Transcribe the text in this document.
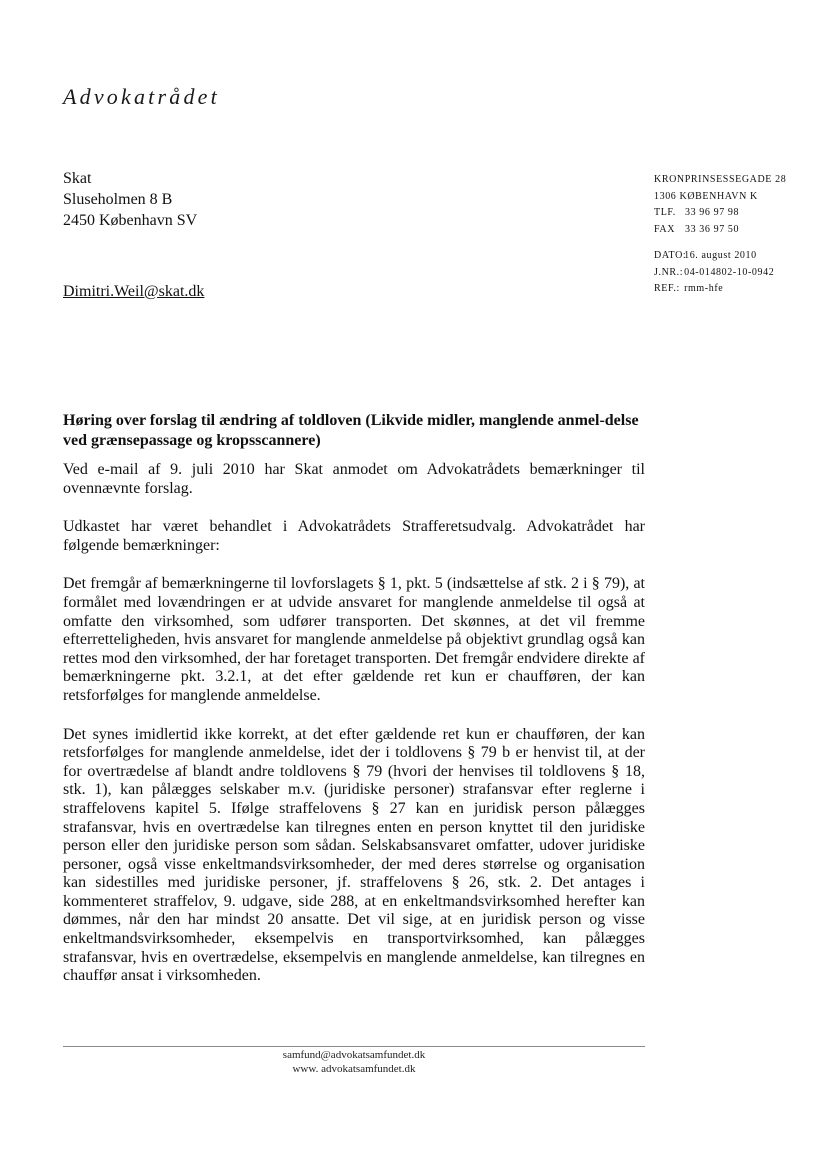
Advokatrådet
Skat
Sluseholmen 8 B
2450 København SV
Dimitri.Weil@skat.dk
KRONPRINSESSEGADE 28
1306 KØBENHAVN K
TLF. 33 96 97 98
FAX 33 36 97 50
DATO:

16. august 2010
J.NR.:
04-014802-10-0942
REF.:
rmm-hfe
Høring over forslag til ændring af toldloven (Likvide midler, manglende anmel-delse ved grænsepassage og kropsscannere)

Ved e-mail af 9. juli 2010 har Skat anmodet om Advokatrådets bemærkninger til ovennævnte forslag.

Udkastet har været behandlet i Advokatrådets Strafferetsudvalg. Advokatrådet har følgende bemærkninger:

Det fremgår af bemærkningerne til lovforslagets § 1, pkt. 5 (indsættelse af stk. 2 i § 79), at formålet med lovændringen er at udvide ansvaret for manglende anmeldelse til også at omfatte den virksomhed, som udfører transporten. Det skønnes, at det vil fremme efterretteligheden, hvis ansvaret for manglende anmeldelse på objektivt grundlag også kan rettes mod den virksomhed, der har foretaget transporten. Det fremgår endvidere direkte af bemærkningerne pkt. 3.2.1, at det efter gældende ret kun er chaufføren, der kan retsforfølges for manglende anmeldelse.

Det synes imidlertid ikke korrekt, at det efter gældende ret kun er chaufføren, der kan retsforfølges for manglende anmeldelse, idet der i toldlovens § 79 b er henvist til, at der for overtrædelse af blandt andre toldlovens § 79 (hvori der henvises til toldlovens § 18, stk. 1), kan pålægges selskaber m.v. (juridiske personer) strafansvar efter reglerne i straffelovens kapitel 5. Ifølge straffelovens § 27 kan en juridisk person pålægges strafansvar, hvis en overtrædelse kan tilregnes enten en person knyttet til den juridiske person eller den juridiske person som sådan. Selskabsansvaret omfatter, udover juridiske personer, også visse enkeltmandsvirksomheder, der med deres størrelse og organisation kan sidestilles med juridiske personer, jf. straffelovens § 26, stk. 2. Det antages i kommenteret straffelov, 9. udgave, side 288, at en enkeltmandsvirksomhed herefter kan dømmes, når den har mindst 20 ansatte. Det vil sige, at en juridisk person og visse enkeltmandsvirksomheder, eksempelvis en transportvirksomhed, kan pålægges strafansvar, hvis en overtrædelse, eksempelvis en manglende anmeldelse, kan tilregnes en chauffør ansat i virksomheden.

samfund@advokatsamfundet.dk
www. advokatsamfundet.dk
